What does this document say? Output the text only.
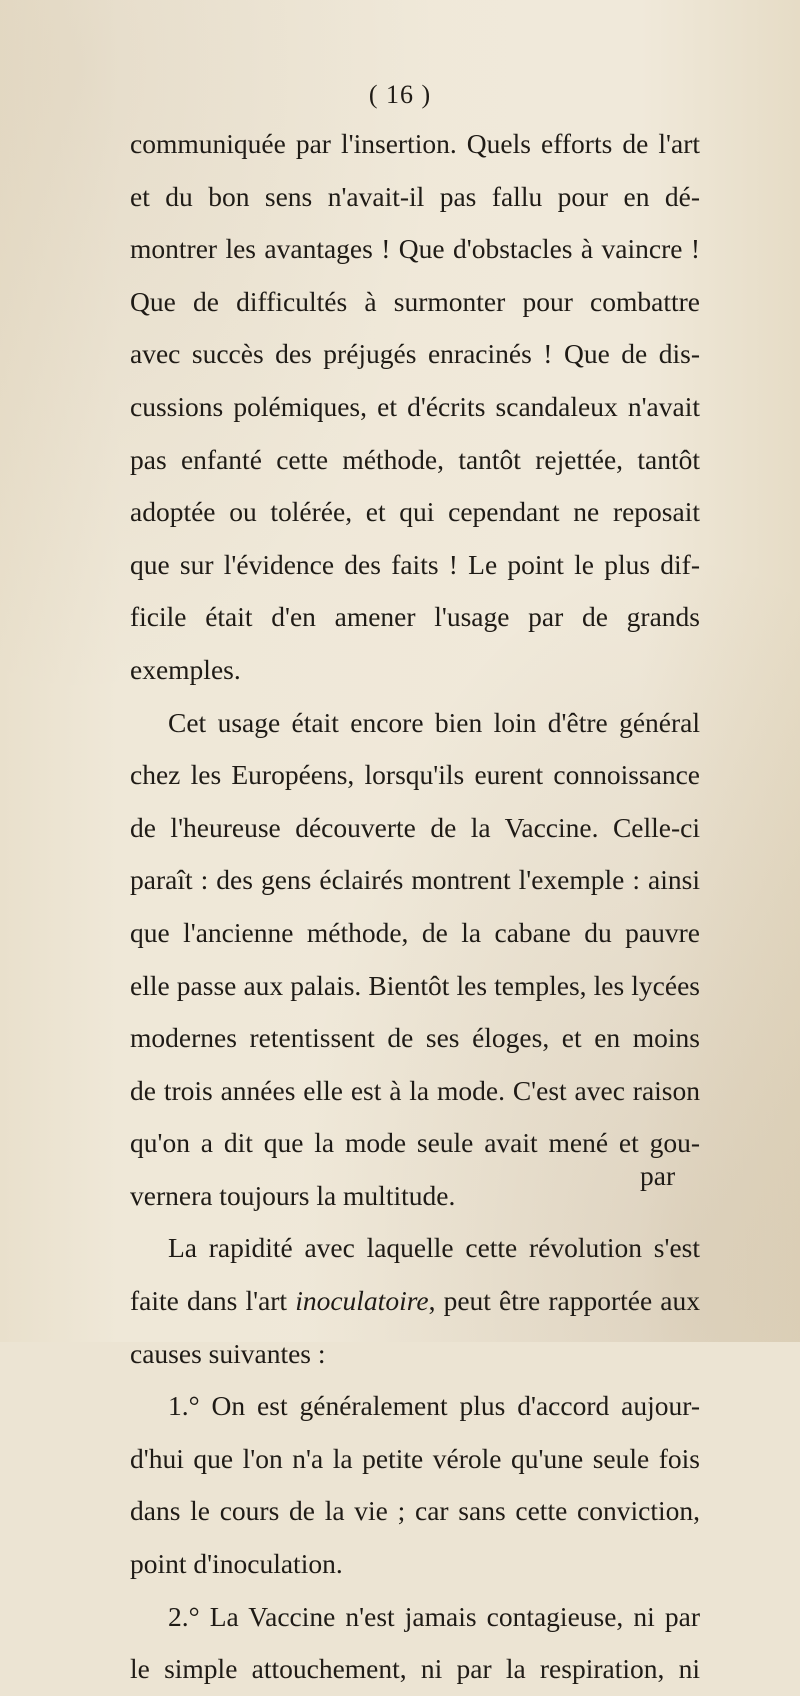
( 16 )
communiquée par l'insertion. Quels efforts de l'art
et du bon sens n'avait-il pas fallu pour en dé-
montrer les avantages ! Que d'obstacles à vaincre !
Que de difficultés à surmonter pour combattre
avec succès des préjugés enracinés ! Que de dis-
cussions polémiques, et d'écrits scandaleux n'avait
pas enfanté cette méthode, tantôt rejettée, tantôt
adoptée ou tolérée, et qui cependant ne reposait
que sur l'évidence des faits ! Le point le plus dif-
ficile était d'en amener l'usage par de grands
exemples.
Cet usage était encore bien loin d'être général
chez les Européens, lorsqu'ils eurent connoissance
de l'heureuse découverte de la Vaccine. Celle-ci
paraît : des gens éclairés montrent l'exemple : ainsi
que l'ancienne méthode, de la cabane du pauvre
elle passe aux palais. Bientôt les temples, les lycées
modernes retentissent de ses éloges, et en moins
de trois années elle est à la mode. C'est avec raison
qu'on a dit que la mode seule avait mené et gou-
vernera toujours la multitude.
La rapidité avec laquelle cette révolution s'est
faite dans l'art inoculatoire, peut être rapportée aux
causes suivantes :
1.° On est généralement plus d'accord aujour-
d'hui que l'on n'a la petite vérole qu'une seule fois
dans le cours de la vie ; car sans cette conviction,
point d'inoculation.
2.° La Vaccine n'est jamais contagieuse, ni par
le simple attouchement, ni par la respiration, ni
par
